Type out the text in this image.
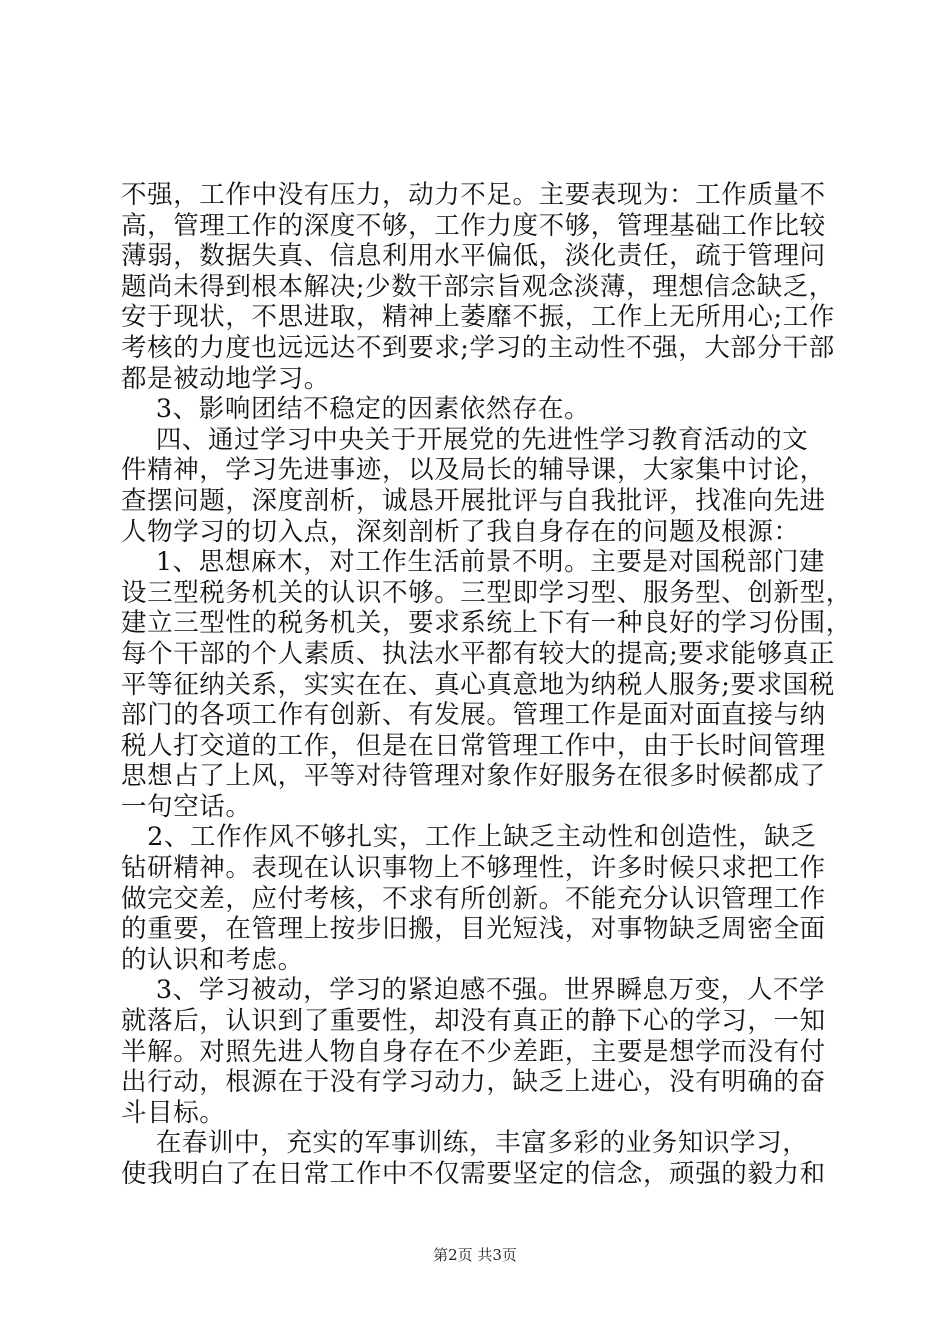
不强，工作中没有压力，动力不足。主要表现为：工作质量不
高，管理工作的深度不够，工作力度不够，管理基础工作比较
薄弱，数据失真、信息利用水平偏低，淡化责任，疏于管理问
题尚未得到根本解决;少数干部宗旨观念淡薄，理想信念缺乏，
安于现状，不思进取，精神上萎靡不振，工作上无所用心;工作
考核的力度也远远达不到要求;学习的主动性不强，大部分干部
都是被动地学习。
3、影响团结不稳定的因素依然存在。
四、通过学习中央关于开展党的先进性学习教育活动的文
件精神，学习先进事迹，以及局长的辅导课，大家集中讨论，
查摆问题，深度剖析，诚恳开展批评与自我批评，找准向先进
人物学习的切入点，深刻剖析了我自身存在的问题及根源：
1、思想麻木，对工作生活前景不明。主要是对国税部门建
设三型税务机关的认识不够。三型即学习型、服务型、创新型，
建立三型性的税务机关，要求系统上下有一种良好的学习份围，
每个干部的个人素质、执法水平都有较大的提高;要求能够真正
平等征纳关系，实实在在、真心真意地为纳税人服务;要求国税
部门的各项工作有创新、有发展。管理工作是面对面直接与纳
税人打交道的工作，但是在日常管理工作中，由于长时间管理
思想占了上风，平等对待管理对象作好服务在很多时候都成了
一句空话。
2、工作作风不够扎实，工作上缺乏主动性和创造性，缺乏
钻研精神。表现在认识事物上不够理性，许多时候只求把工作
做完交差，应付考核，不求有所创新。不能充分认识管理工作
的重要，在管理上按步旧搬，目光短浅，对事物缺乏周密全面
的认识和考虑。
3、学习被动，学习的紧迫感不强。世界瞬息万变，人不学
就落后，认识到了重要性，却没有真正的静下心的学习，一知
半解。对照先进人物自身存在不少差距，主要是想学而没有付
出行动，根源在于没有学习动力，缺乏上进心，没有明确的奋
斗目标。
在春训中，充实的军事训练，丰富多彩的业务知识学习，
使我明白了在日常工作中不仅需要坚定的信念，顽强的毅力和
第2页 共3页
